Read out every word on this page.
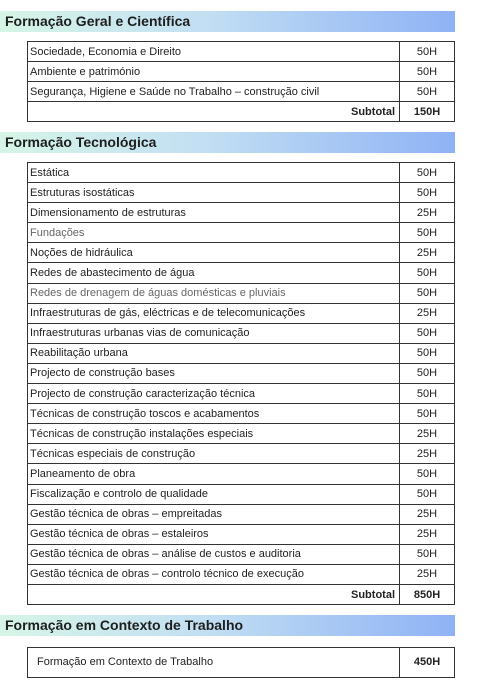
Formação Geral e Científica
Sociedade, Economia e Direito	50H
Ambiente e património	50H
Segurança, Higiene e Saúde no Trabalho – construção civil	50H
Subtotal	150H
Formação Tecnológica
Estática	50H
Estruturas isostáticas	50H
Dimensionamento de estruturas	25H
Fundações	50H
Noções de hidráulica	25H
Redes de abastecimento de água	50H
Redes de drenagem de águas domésticas e pluviais	50H
Infraestruturas de gás, eléctricas e de telecomunicações	25H
Infraestruturas urbanas vias de comunicação	50H
Reabilitação urbana	50H
Projecto de construção bases	50H
Projecto de construção caracterização técnica	50H
Técnicas de construção toscos e acabamentos	50H
Técnicas de construção instalações especiais	25H
Técnicas especiais de construção	25H
Planeamento de obra	50H
Fiscalização e controlo de qualidade	50H
Gestão técnica de obras – empreitadas	25H
Gestão técnica de obras – estaleiros	25H
Gestão técnica de obras – análise de custos e auditoria	50H
Gestão técnica de obras – controlo técnico de execução	25H
Subtotal	850H
Formação em Contexto de Trabalho
Formação em Contexto de Trabalho	450H
